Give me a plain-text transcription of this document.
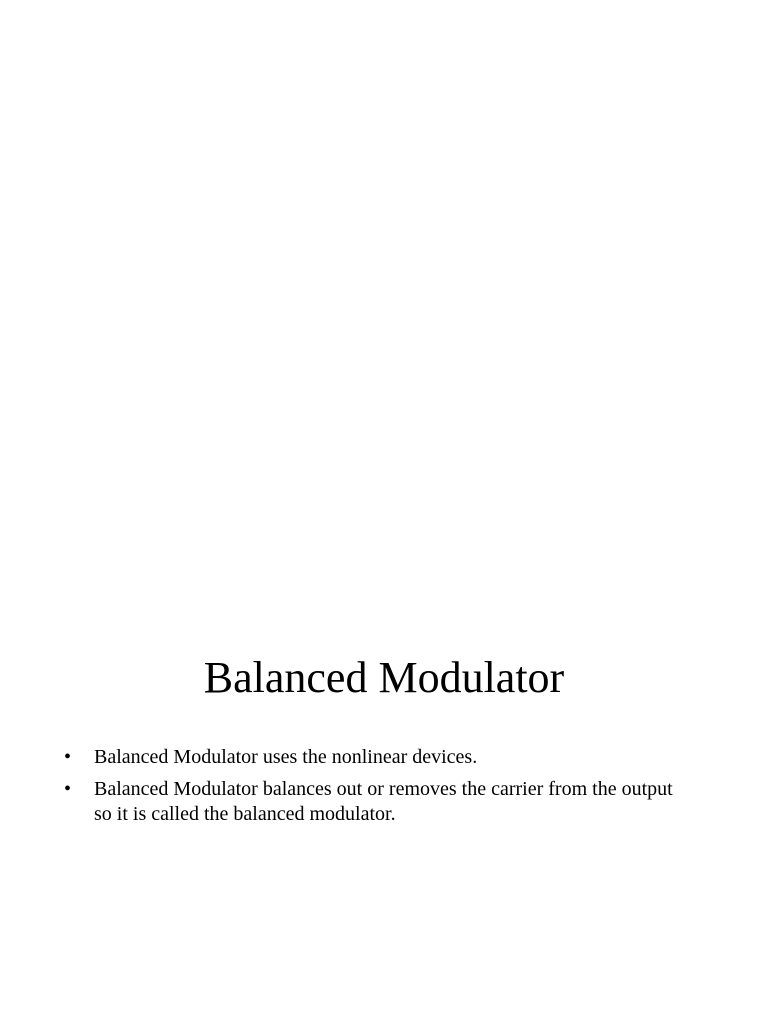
Balanced Modulator
• Balanced Modulator uses the nonlinear devices.
• Balanced Modulator balances out or removes the carrier from the output so it is called the balanced modulator.
